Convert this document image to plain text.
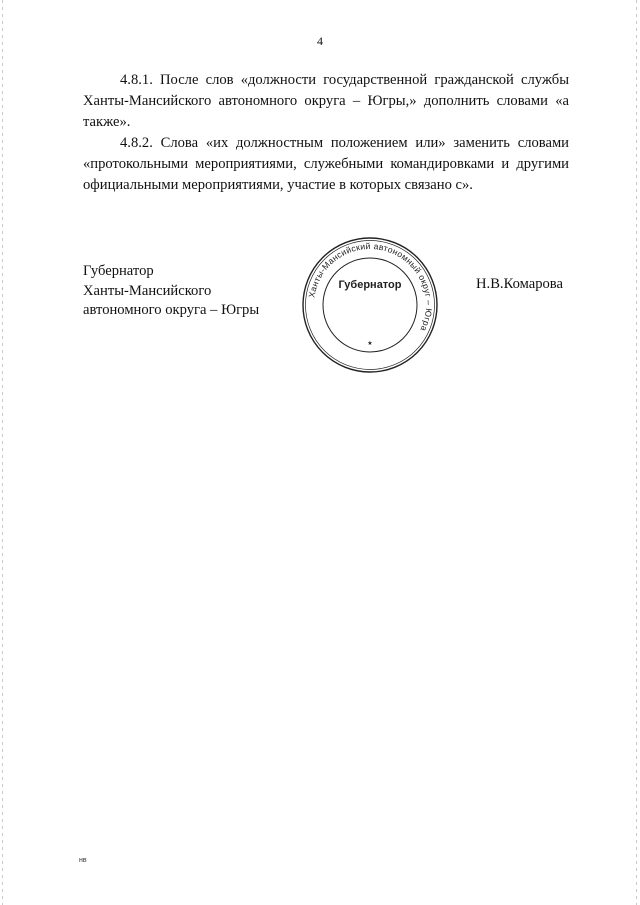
4

4.8.1. После слов «должности государственной гражданской службы Ханты-Мансийского автономного округа – Югры,» дополнить словами «а также».

4.8.2. Слова «их должностным положением или» заменить словами «протокольными мероприятиями, служебными командировками и другими официальными мероприятиями, участие в которых связано с».

Губернатор
Ханты-Мансийского
автономного округа – Югры
Ханты-Мансийский автономный округ – Югра
Губернатор
★
Н.В.Комарова
нв
